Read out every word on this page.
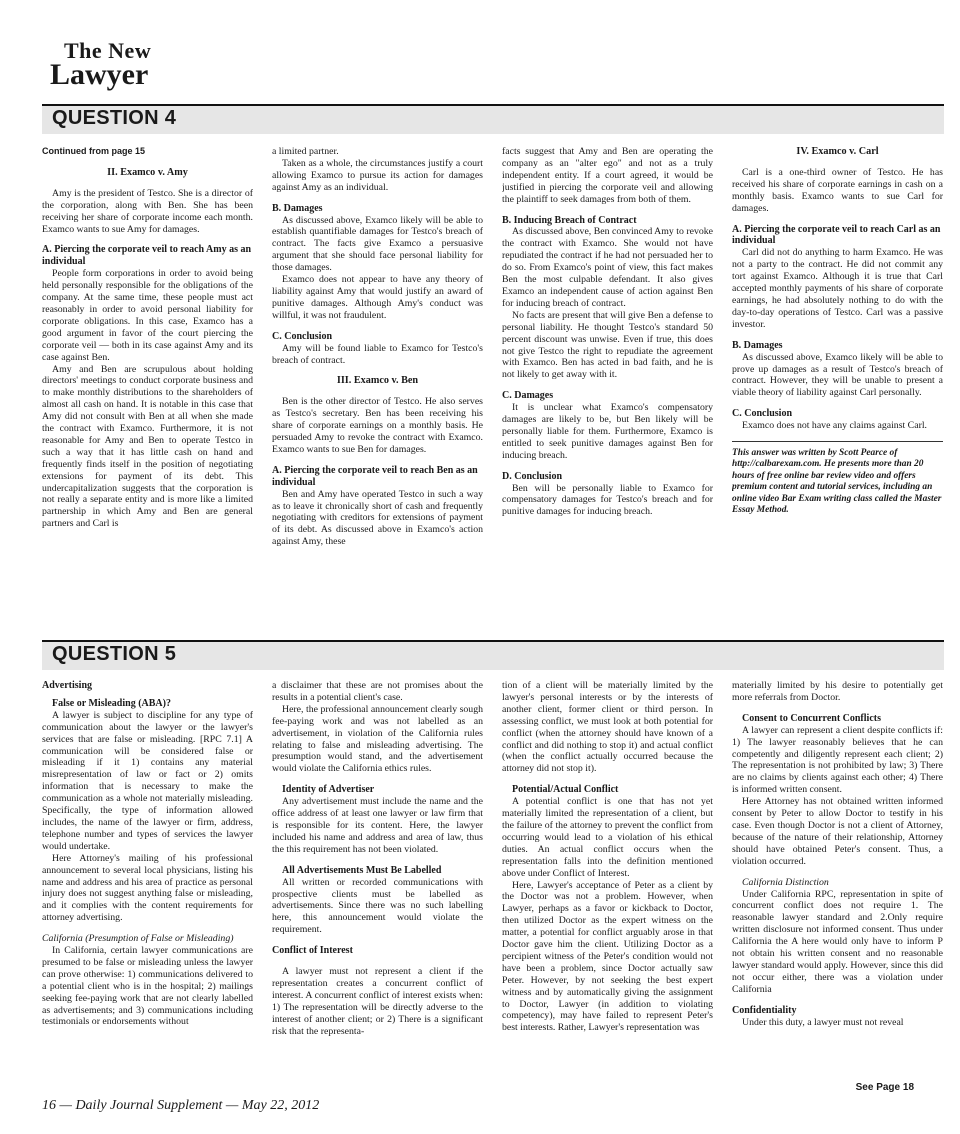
The New
Lawyer
QUESTION 4
Continued from page 15
II. Examco v. Amy

Amy is the president of Testco. She is a director of the corporation, along with Ben. She has been receiving her share of corporate income each month. Examco wants to sue Amy for damages.

A. Piercing the corporate veil to reach Amy as an individual

People form corporations in order to avoid being held personally responsible for the obligations of the company. At the same time, these people must act reasonably in order to avoid personal liability for corporate obligations. In this case, Examco has a good argument in favor of the court piercing the corporate veil — both in its case against Amy and its case against Ben.

Amy and Ben are scrupulous about holding directors' meetings to conduct corporate business and to make monthly distributions to the shareholders of almost all cash on hand. It is notable in this case that Amy did not consult with Ben at all when she made the contract with Examco. Furthermore, it is not reasonable for Amy and Ben to operate Testco in such a way that it has little cash on hand and frequently finds itself in the position of negotiating extensions for payment of its debt. This undercapitalization suggests that the corporation is not really a separate entity and is more like a limited partnership in which Amy and Ben are general partners and Carl is

a limited partner.

Taken as a whole, the circumstances justify a court allowing Examco to pursue its action for damages against Amy as an individual.

B. Damages

As discussed above, Examco likely will be able to establish quantifiable damages for Testco's breach of contract. The facts give Examco a persuasive argument that she should face personal liability for those damages.

Examco does not appear to have any theory of liability against Amy that would justify an award of punitive damages. Although Amy's conduct was willful, it was not fraudulent.

C. Conclusion

Amy will be found liable to Examco for Testco's breach of contract.

III. Examco v. Ben

Ben is the other director of Testco. He also serves as Testco's secretary. Ben has been receiving his share of corporate earnings on a monthly basis. He persuaded Amy to revoke the contract with Examco. Examco wants to sue Ben for damages.

A. Piercing the corporate veil to reach Ben as an individual

Ben and Amy have operated Testco in such a way as to leave it chronically short of cash and frequently negotiating with creditors for extensions of payment of its debt. As discussed above in Examco's action against Amy, these

facts suggest that Amy and Ben are operating the company as an "alter ego" and not as a truly independent entity. If a court agreed, it would be justified in piercing the corporate veil and allowing the plaintiff to seek damages from both of them.

B. Inducing Breach of Contract

As discussed above, Ben convinced Amy to revoke the contract with Examco. She would not have repudiated the contract if he had not persuaded her to do so. From Examco's point of view, this fact makes Ben the most culpable defendant. It also gives Examco an independent cause of action against Ben for inducing breach of contract.

No facts are present that will give Ben a defense to personal liability. He thought Testco's standard 50 percent discount was unwise. Even if true, this does not give Testco the right to repudiate the agreement with Examco. Ben has acted in bad faith, and he is not likely to get away with it.

C. Damages

It is unclear what Examco's compensatory damages are likely to be, but Ben likely will be personally liable for them. Furthermore, Examco is entitled to seek punitive damages against Ben for inducing breach.

D. Conclusion

Ben will be personally liable to Examco for compensatory damages for Testco's breach and for punitive damages for inducing breach.

IV. Examco v. Carl

Carl is a one-third owner of Testco. He has received his share of corporate earnings in cash on a monthly basis. Examco wants to sue Carl for damages.

A. Piercing the corporate veil to reach Carl as an individual

Carl did not do anything to harm Examco. He was not a party to the contract. He did not commit any tort against Examco. Although it is true that Carl accepted monthly payments of his share of corporate earnings, he had absolutely nothing to do with the day-to-day operations of Testco. Carl was a passive investor.

B. Damages

As discussed above, Examco likely will be able to prove up damages as a result of Testco's breach of contract. However, they will be unable to present a viable theory of liability against Carl personally.

C. Conclusion

Examco does not have any claims against Carl.

This answer was written by Scott Pearce of http://calbarexam.com. He presents more than 20 hours of free online bar review video and offers premium content and tutorial services, including an online video Bar Exam writing class called the Master Essay Method.

QUESTION 5
Advertising
False or Misleading (ABA)?

A lawyer is subject to discipline for any type of communication about the lawyer or the lawyer's services that are false or misleading. [RPC 7.1] A communication will be considered false or misleading if it 1) contains any material misrepresentation of law or fact or 2) omits information that is necessary to make the communication as a whole not materially misleading. Specifically, the type of information allowed includes, the name of the lawyer or firm, address, telephone number and types of services the lawyer would undertake.

Here Attorney's mailing of his professional announcement to several local physicians, listing his name and address and his area of practice as personal injury does not suggest anything false or misleading, and it complies with the content requirements for attorney advertising.

California (Presumption of False or Misleading)

In California, certain lawyer communications are presumed to be false or misleading unless the lawyer can prove otherwise: 1) communications delivered to a potential client who is in the hospital; 2) mailings seeking fee-paying work that are not clearly labelled as advertisements; and 3) communications including testimonials or endorsements without

a disclaimer that these are not promises about the results in a potential client's case.

Here, the professional announcement clearly sough fee-paying work and was not labelled as an advertisement, in violation of the California rules relating to false and misleading advertising. The presumption would stand, and the advertisement would violate the California ethics rules.

Identity of Advertiser

Any advertisement must include the name and the office address of at least one lawyer or law firm that is responsible for its content. Here, the lawyer included his name and address and area of law, thus the this requirement has not been violated.

All Advertisements Must Be Labelled

All written or recorded communications with prospective clients must be labelled as advertisements. Since there was no such labelling here, this announcement would violate the requirement.

Conflict of Interest

A lawyer must not represent a client if the representation creates a concurrent conflict of interest. A concurrent conflict of interest exists when: 1) The representation will be directly adverse to the interest of another client; or 2) There is a significant risk that the representa-

tion of a client will be materially limited by the lawyer's personal interests or by the interests of another client, former client or third person. In assessing conflict, we must look at both potential for conflict (when the attorney should have known of a conflict and did nothing to stop it) and actual conflict (when the conflict actually occurred because the attorney did not stop it).

Potential/Actual Conflict

A potential conflict is one that has not yet materially limited the representation of a client, but the failure of the attorney to prevent the conflict from occurring would lead to a violation of his ethical duties. An actual conflict occurs when the representation falls into the definition mentioned above under Conflict of Interest.

Here, Lawyer's acceptance of Peter as a client by the Doctor was not a problem. However, when Lawyer, perhaps as a favor or kickback to Doctor, then utilized Doctor as the expert witness on the matter, a potential for conflict arguably arose in that Doctor gave him the client. Utilizing Doctor as a percipient witness of the Peter's condition would not have been a problem, since Doctor actually saw Peter. However, by not seeking the best expert witness and by automatically giving the assignment to Doctor, Lawyer (in addition to violating competency), may have failed to represent Peter's best interests. Rather, Lawyer's representation was

materially limited by his desire to potentially get more referrals from Doctor.

Consent to Concurrent Conflicts

A lawyer can represent a client despite conflicts if: 1) The lawyer reasonably believes that he can competently and diligently represent each client; 2) The representation is not prohibited by law; 3) There are no claims by clients against each other; 4) There is informed written consent.

Here Attorney has not obtained written informed consent by Peter to allow Doctor to testify in his case. Even though Doctor is not a client of Attorney, because of the nature of their relationship, Attorney should have obtained Peter's consent. Thus, a violation occurred.

California Distinction

Under California RPC, representation in spite of concurrent conflict does not require 1. The reasonable lawyer standard and 2.Only require written disclosure not informed consent. Thus under California the A here would only have to inform P not obtain his written consent and no reasonable lawyer standard would apply. However, since this did not occur either, there was a violation under California

Confidentiality

Under this duty, a lawyer must not reveal

See Page 18
16 — Daily Journal Supplement — May 22, 2012
